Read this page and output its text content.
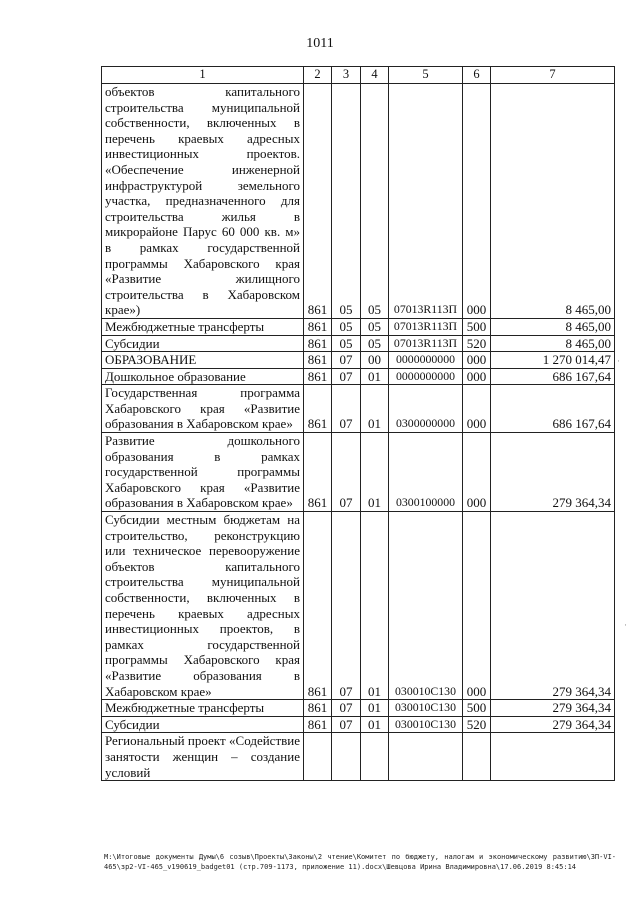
1011
1	2	3	4	5	6	7
объектов капитального строительства муниципальной собственности, включенных в перечень краевых адресных инвестиционных проектов. «Обеспечение инженерной инфраструктурой земельного участка, предназначенного для строительства жилья в микрорайоне Парус 60 000 кв. м» в рамках государственной программы Хабаровского края «Развитие жилищного строительства в Хабаровском крае»)	861	05	05	07013R113П	000	8 465,00
Межбюджетные трансферты	861	05	05	07013R113П	500	8 465,00
Субсидии	861	05	05	07013R113П	520	8 465,00
ОБРАЗОВАНИЕ	861	07	00	0000000000	000	1 270 014,47
Дошкольное образование	861	07	01	0000000000	000	686 167,64
Государственная программа Хабаровского края «Развитие образования в Хабаровском крае»	861	07	01	0300000000	000	686 167,64
Развитие дошкольного образования в рамках государственной программы Хабаровского края «Развитие образования в Хабаровском крае»	861	07	01	0300100000	000	279 364,34
Субсидии местным бюджетам на строительство, реконструкцию или техническое перевооружение объектов капитального строительства муниципальной собственности, включенных в перечень краевых адресных инвестиционных проектов, в рамках государственной программы Хабаровского края «Развитие образования в Хабаровском крае»	861	07	01	030010С130	000	279 364,34
Межбюджетные трансферты	861	07	01	030010С130	500	279 364,34
Субсидии	861	07	01	030010С130	520	279 364,34
Региональный проект «Содействие занятости женщин – создание условий						
M:\Итоговые документы Думы\6 созыв\Проекты\Законы\2 чтение\Комитет по бюджету, налогам и экономическому развитию\ЗП-VI-465\зр2-VI-465_v190619_badget01 (стр.709-1173, приложение 11).docx\Шевцова Ирина Владимировна\17.06.2019 8:45:14
·
·
